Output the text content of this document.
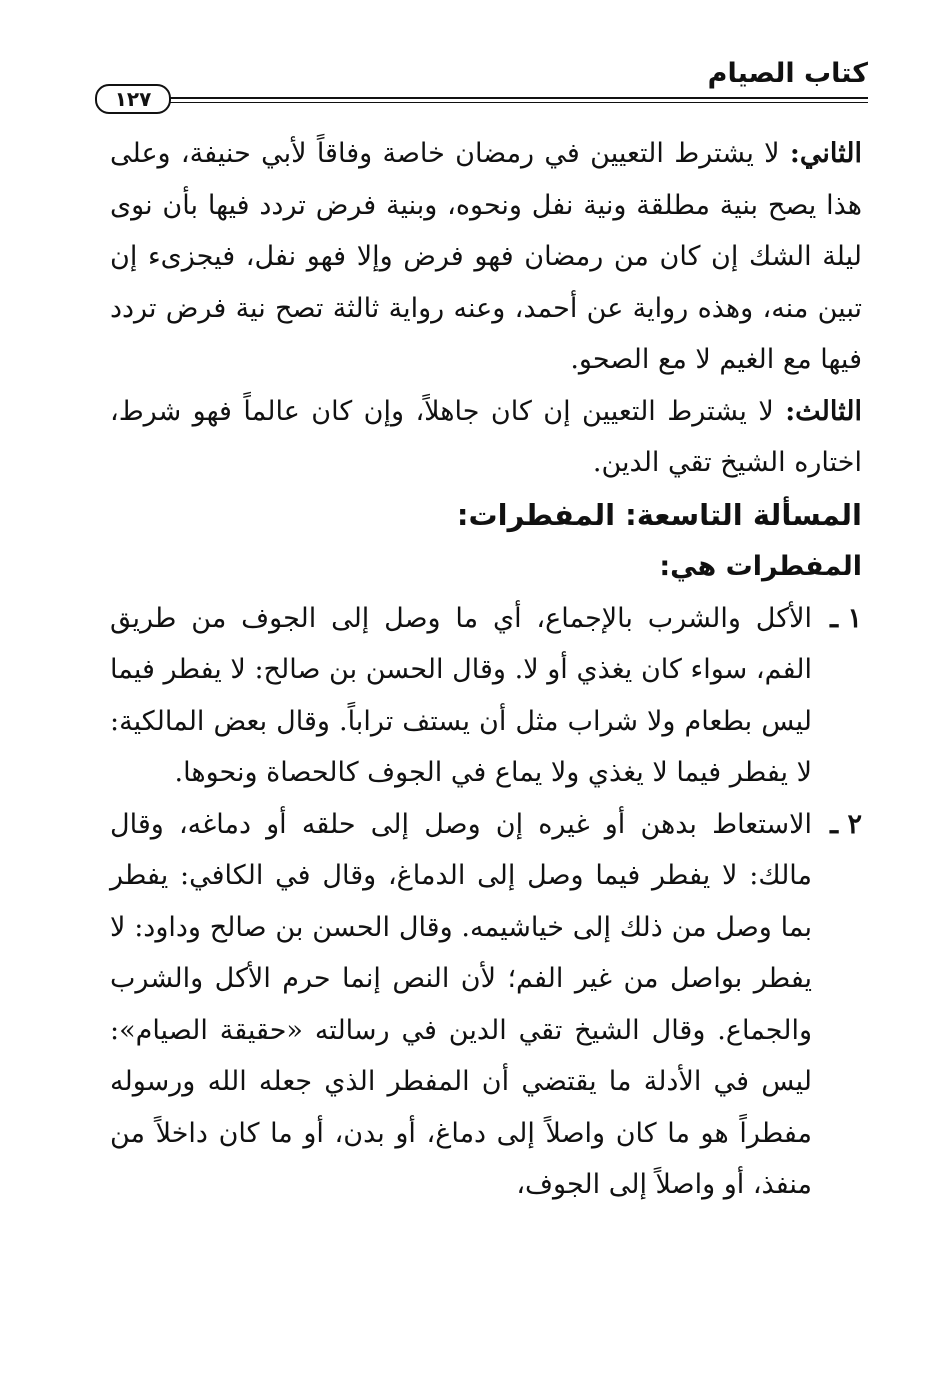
كتاب الصيام
١٢٧

الثاني: لا يشترط التعيين في رمضان خاصة وفاقاً لأبي حنيفة، وعلى هذا يصح بنية مطلقة ونية نفل ونحوه، وبنية فرض تردد فيها بأن نوى ليلة الشك إن كان من رمضان فهو فرض وإلا فهو نفل، فيجزىء إن تبين منه، وهذه رواية عن أحمد، وعنه رواية ثالثة تصح نية فرض تردد فيها مع الغيم لا مع الصحو.

الثالث: لا يشترط التعيين إن كان جاهلاً، وإن كان عالماً فهو شرط، اختاره الشيخ تقي الدين.

المسألة التاسعة: المفطرات:
المفطرات هي:
١ ـ

الأكل والشرب بالإجماع، أي ما وصل إلى الجوف من طريق الفم، سواء كان يغذي أو لا. وقال الحسن بن صالح: لا يفطر فيما ليس بطعام ولا شراب مثل أن يستف تراباً. وقال بعض المالكية: لا يفطر فيما لا يغذي ولا يماع في الجوف كالحصاة ونحوها.

٢ ـ

الاستعاط بدهن أو غيره إن وصل إلى حلقه أو دماغه، وقال مالك: لا يفطر فيما وصل إلى الدماغ، وقال في الكافي: يفطر بما وصل من ذلك إلى خياشيمه. وقال الحسن بن صالح وداود: لا يفطر بواصل من غير الفم؛ لأن النص إنما حرم الأكل والشرب والجماع. وقال الشيخ تقي الدين في رسالته «حقيقة الصيام»: ليس في الأدلة ما يقتضي أن المفطر الذي جعله الله ورسوله مفطراً هو ما كان واصلاً إلى دماغ، أو بدن، أو ما كان داخلاً من منفذ، أو واصلاً إلى الجوف،
